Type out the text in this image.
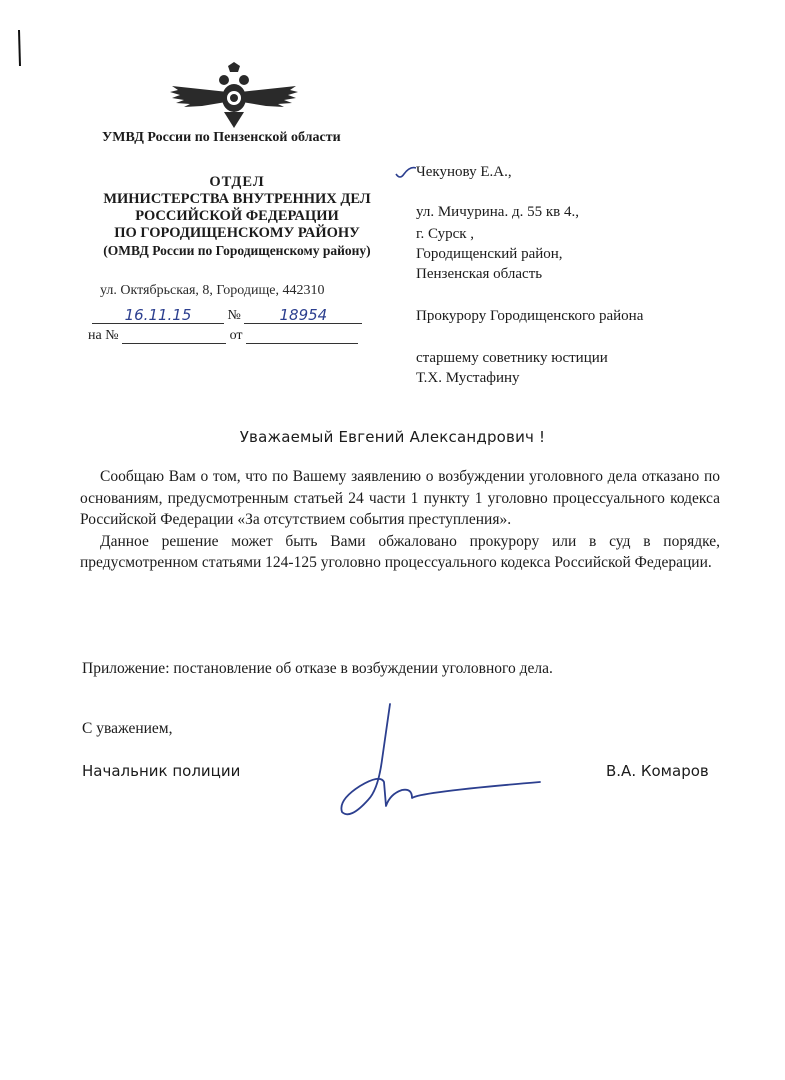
УМВД России по Пензенской области
ОТДЕЛ
МИНИСТЕРСТВА ВНУТРЕННИХ ДЕЛ
РОССИЙСКОЙ ФЕДЕРАЦИИ
ПО ГОРОДИЩЕНСКОМУ РАЙОНУ
(ОМВД России по Городищенскому району)
ул. Октябрьская, 8, Городище, 442310
16.11.15	№	18954
на №	от
Чекунову Е.А.,
ул. Мичурина. д. 55 кв 4.,
г. Сурск ,
Городищенский район,
Пензенская область
Прокурору Городищенского района
старшему советнику юстиции
Т.Х. Мустафину
Уважаемый Евгений Александрович !

Сообщаю Вам о том, что по Вашему заявлению о возбуждении уголовного дела отказано по основаниям, предусмотренным статьей 24 части 1 пункту 1 уголовно процессуального кодекса Российской Федерации «За отсутствием события преступления».

Данное решение может быть Вами обжаловано прокурору или в суд в порядке, предусмотренном статьями 124-125 уголовно процессуального кодекса Российской Федерации.

Приложение: постановление об отказе в возбуждении уголовного дела.
С уважением,
Начальник полиции	В.А. Комаров
